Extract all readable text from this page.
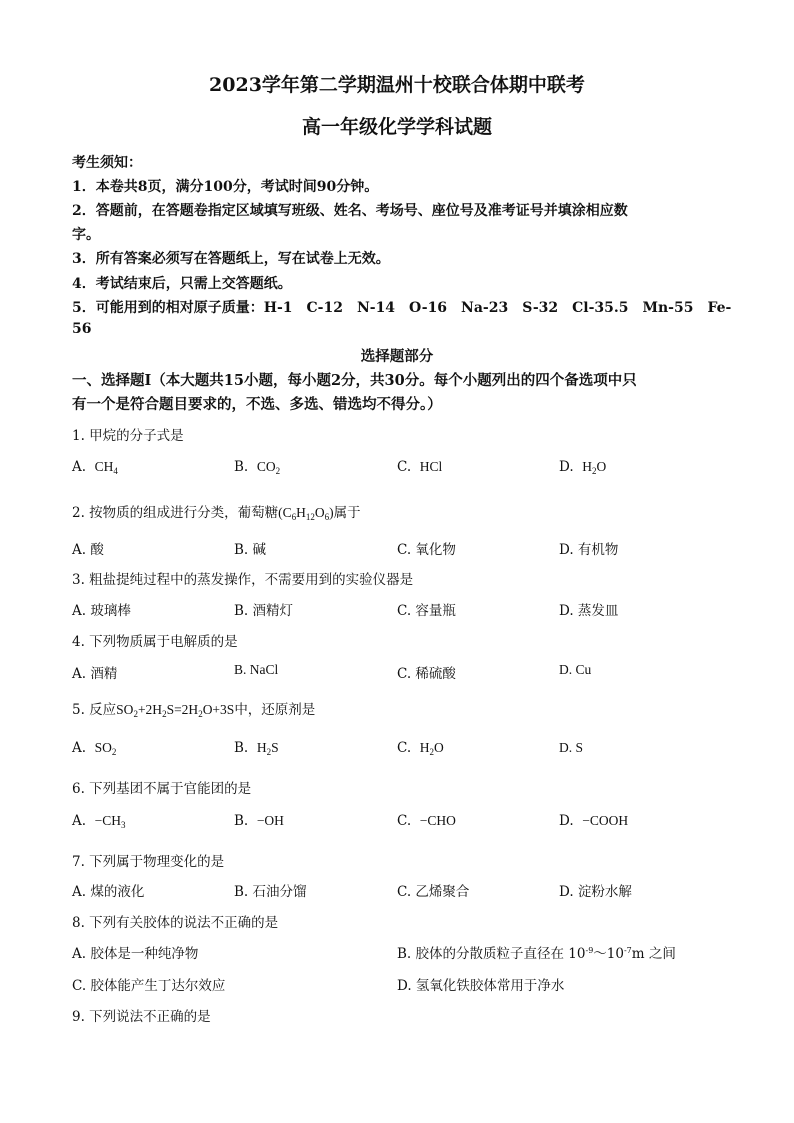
2023学年第二学期温州十校联合体期中联考
高一年级化学学科试题
考生须知：
1．本卷共8页，满分100分，考试时间90分钟。
2．答题前，在答题卷指定区域填写班级、姓名、考场号、座位号及准考证号并填涂相应数
字。
3．所有答案必须写在答题纸上，写在试卷上无效。
4．考试结束后，只需上交答题纸。
5．可能用到的相对原子质量：H-1　C-12　N-14　O-16　Na-23　S-32　Cl-35.5　Mn-55　Fe-
56
选择题部分
一、选择题Ⅰ（本大题共15小题，每小题2分，共30分。每个小题列出的四个备选项中只
有一个是符合题目要求的，不选、多选、错选均不得分。）
1. 甲烷的分子式是
A. $CH_4$	B. $CO_2$	C. HCl	D. $H_2O$
2. 按物质的组成进行分类，葡萄糖$(C_6H_{12}O_6)$属于
A. 酸	B. 碱	C. 氧化物	D. 有机物
3. 粗盐提纯过程中的蒸发操作，不需要用到的实验仪器是
A. 玻璃棒	B. 酒精灯	C. 容量瓶	D. 蒸发皿
4. 下列物质属于电解质的是
A. 酒精	B. NaCl	C. 稀硫酸	D. Cu
5. 反应$SO_2+2H_2S=2H_2O+3S$中，还原剂是
A. $SO_2$	B. $H_2S$	C. $H_2O$	D. S
6. 下列基团不属于官能团的是
A. $-CH_3$	B. −OH	C. −CHO	D. −COOH
7. 下列属于物理变化的是
A. 煤的液化	B. 石油分馏	C. 乙烯聚合	D. 淀粉水解
8. 下列有关胶体的说法不正确的是
A. 胶体是一种纯净物	B. 胶体的分散质粒子直径在 $10^{-9}\sim 10^{-7}m$ 之间
C. 胶体能产生丁达尔效应	D. 氢氧化铁胶体常用于净水
9. 下列说法不正确的是
